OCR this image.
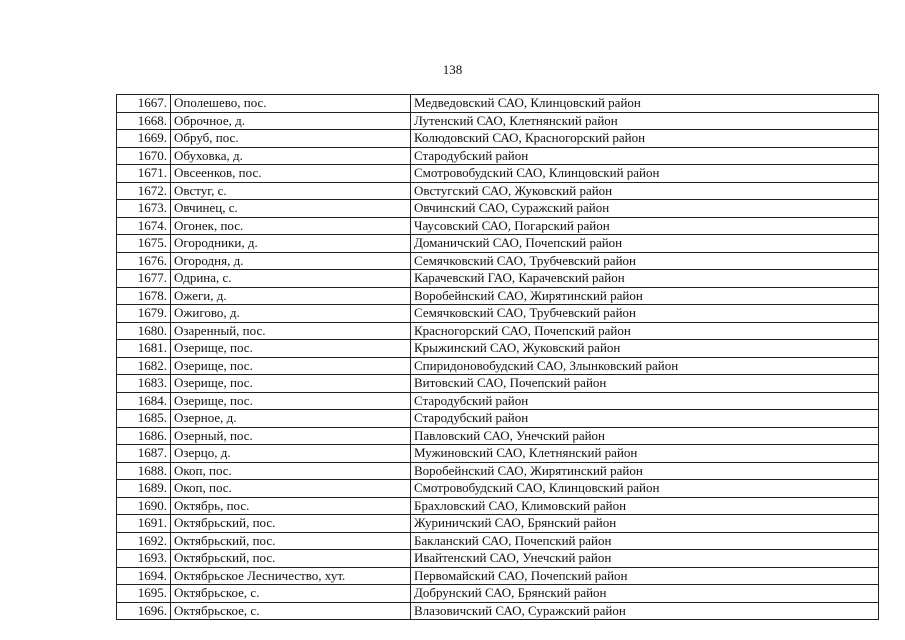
138
1667.	Ополешево, пос.	Медведовский САО, Клинцовский район
1668.	Оброчное, д.	Лутенский САО, Клетнянский район
1669.	Обруб, пос.	Колюдовский САО, Красногорский район
1670.	Обуховка, д.	Стародубский район
1671.	Овсеенков, пос.	Смотровобудский САО, Клинцовский район
1672.	Овстуг, с.	Овстугский САО, Жуковский район
1673.	Овчинец, с.	Овчинский САО, Суражский район
1674.	Огонек, пос.	Чаусовский САО, Погарский район
1675.	Огородники, д.	Доманичский САО, Почепский район
1676.	Огородня, д.	Семячковский САО, Трубчевский район
1677.	Одрина, с.	Карачевский ГАО, Карачевский район
1678.	Ожеги, д.	Воробейнский САО, Жирятинский район
1679.	Ожигово, д.	Семячковский САО, Трубчевский район
1680.	Озаренный, пос.	Красногорский САО, Почепский район
1681.	Озерище, пос.	Крыжинский САО, Жуковский район
1682.	Озерище, пос.	Спиридоновобудский САО, Злынковский район
1683.	Озерище, пос.	Витовский САО, Почепский район
1684.	Озерище, пос.	Стародубский район
1685.	Озерное, д.	Стародубский район
1686.	Озерный, пос.	Павловский САО, Унечский район
1687.	Озерцо, д.	Мужиновский САО, Клетнянский район
1688.	Окоп, пос.	Воробейнский САО, Жирятинский район
1689.	Окоп, пос.	Смотровобудский САО, Клинцовский район
1690.	Октябрь, пос.	Брахловский САО, Климовский район
1691.	Октябрьский, пос.	Журиничский САО, Брянский район
1692.	Октябрьский, пос.	Бакланский САО, Почепский район
1693.	Октябрьский, пос.	Ивайтенский САО, Унечский район
1694.	Октябрьское Лесничество, хут.	Первомайский САО, Почепский район
1695.	Октябрьское, с.	Добрунский САО, Брянский район
1696.	Октябрьское, с.	Влазовичский САО, Суражский район
